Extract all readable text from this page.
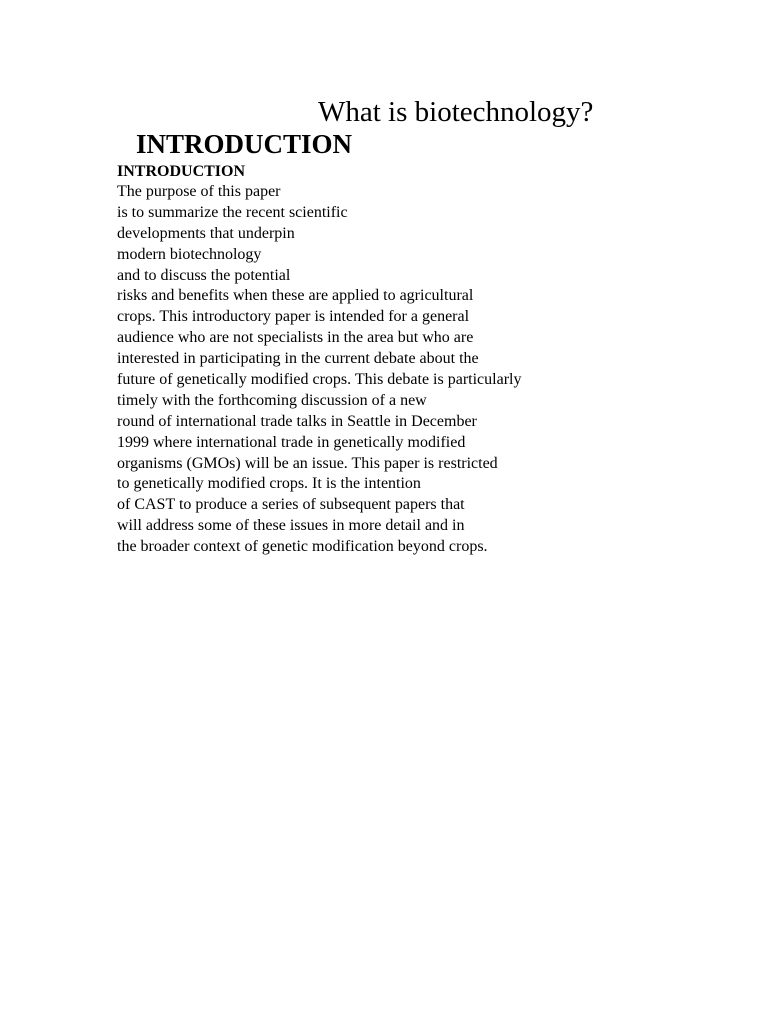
What is biotechnology?
INTRODUCTION
INTRODUCTION
The purpose of this paper
is to summarize the recent scientific
developments that underpin
modern biotechnology
and to discuss the potential
risks and benefits when these are applied to agricultural
crops. This introductory paper is intended for a general
audience who are not specialists in the area but who are
interested in participating in the current debate about the
future of genetically modified crops. This debate is particularly
timely with the forthcoming discussion of a new
round of international trade talks in Seattle in December
1999 where international trade in genetically modified
organisms (GMOs) will be an issue. This paper is restricted
to genetically modified crops. It is the intention
of CAST to produce a series of subsequent papers that
will address some of these issues in more detail and in
the broader context of genetic modification beyond crops.
